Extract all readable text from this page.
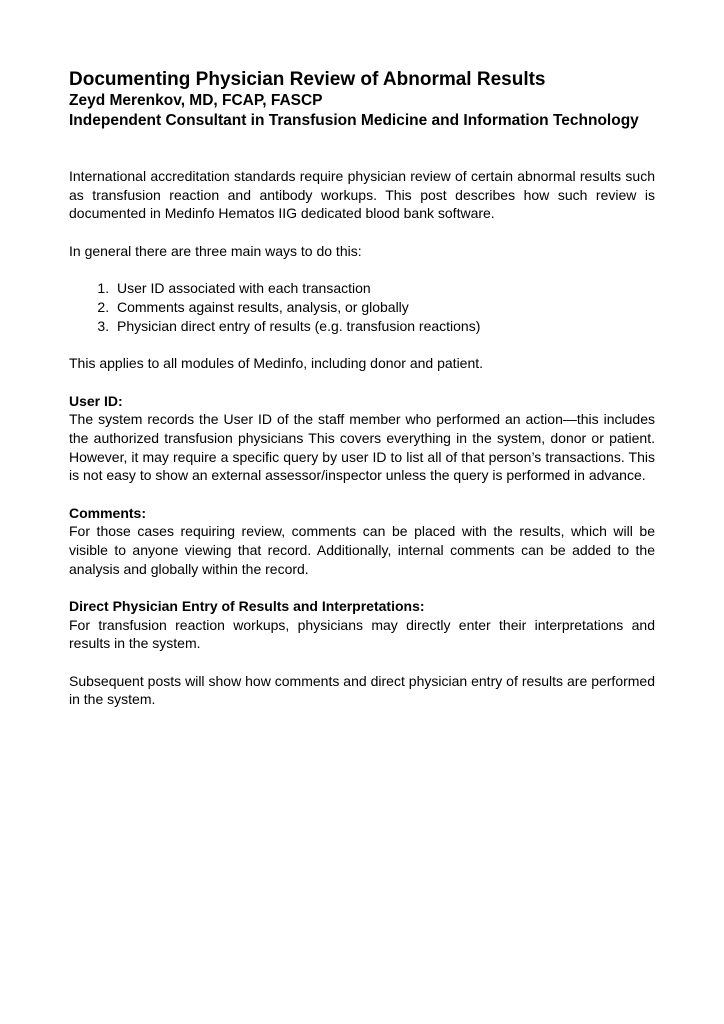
Documenting Physician Review of Abnormal Results

Zeyd Merenkov, MD, FCAP, FASCP

Independent Consultant in Transfusion Medicine and Information Technology

International accreditation standards require physician review of certain abnormal results such as transfusion reaction and antibody workups. This post describes how such review is documented in Medinfo Hematos IIG dedicated blood bank software.

In general there are three main ways to do this:

1. User ID associated with each transaction
2. Comments against results, analysis, or globally
3. Physician direct entry of results (e.g. transfusion reactions)

This applies to all modules of Medinfo, including donor and patient.

User ID:

The system records the User ID of the staff member who performed an action—this includes the authorized transfusion physicians This covers everything in the system, donor or patient. However, it may require a specific query by user ID to list all of that person’s transactions. This is not easy to show an external assessor/inspector unless the query is performed in advance.

Comments:

For those cases requiring review, comments can be placed with the results, which will be visible to anyone viewing that record. Additionally, internal comments can be added to the analysis and globally within the record.

Direct Physician Entry of Results and Interpretations:

For transfusion reaction workups, physicians may directly enter their interpretations and results in the system.

Subsequent posts will show how comments and direct physician entry of results are performed in the system.
